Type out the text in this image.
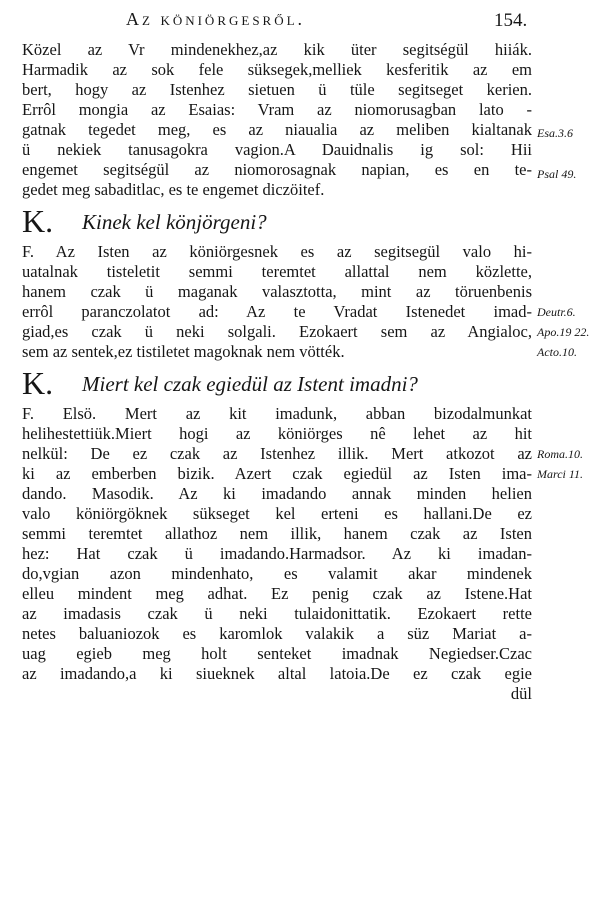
Az köniörgesről.	154.
Közel az Vr mindenekhez,az kik üter segitségül hiiák.
Harmadik az sok fele süksegek,melliek kesferitik az em
bert, hogy az Istenhez sietuen ü tüle segitseget kerien.
Errôl mongia az Esaias: Vram az niomorusagban lato -
gatnak tegedet meg, es az niaualia az meliben kialtanak
ü nekiek tanusagokra vagion.A Dauidnalis ig sol: Hii
engemet segitségül az niomorosagnak napian, es en te-
gedet meg sabaditlac, es te engemet diczöitef.
K. Kinek kel könjörgeni?
F. Az Isten az köniörgesnek es az segitsegül valo hi-
uatalnak tisteletit semmi teremtet allattal nem közlette,
hanem czak ü maganak valasztotta, mint az töruenbenis
errôl paranczolatot ad: Az te Vradat Istenedet imad-
giad,es czak ü neki solgali. Ezokaert sem az Angialoc,
sem az sentek,ez tistiletet magoknak nem vötték.
K. Miert kel czak egiedül az Istent imadni?
F. Elsö. Mert az kit imadunk, abban bizodalmunkat
helihestettiük.Miert hogi az köniörges nê lehet az hit
nelkül: De ez czak az Istenhez illik. Mert atkozot az
ki az emberben bizik. Azert czak egiedül az Isten ima-
dando. Masodik. Az ki imadando annak minden helien
valo köniörgöknek sükseget kel erteni es hallani.De ez
semmi teremtet allathoz nem illik, hanem czak az Isten
hez: Hat czak ü imadando.Harmadsor. Az ki imadan-
do,vgian azon mindenhato, es valamit akar mindenek
elleu mindent meg adhat. Ez penig czak az Istene.Hat
az imadasis czak ü neki tulaidonittatik. Ezokaert rette
netes baluaniozok es karomlok valakik a süz Mariat a-
uag egieb meg holt senteket imadnak Negiedser.Czac
az imadando,a ki siueknek altal latoia.De ez czak egie
dül
Esa.3.6
Psal 49.
Deutr.6.
Apo.19 22.
Acto.10.
Roma.10.
Marci 11.
